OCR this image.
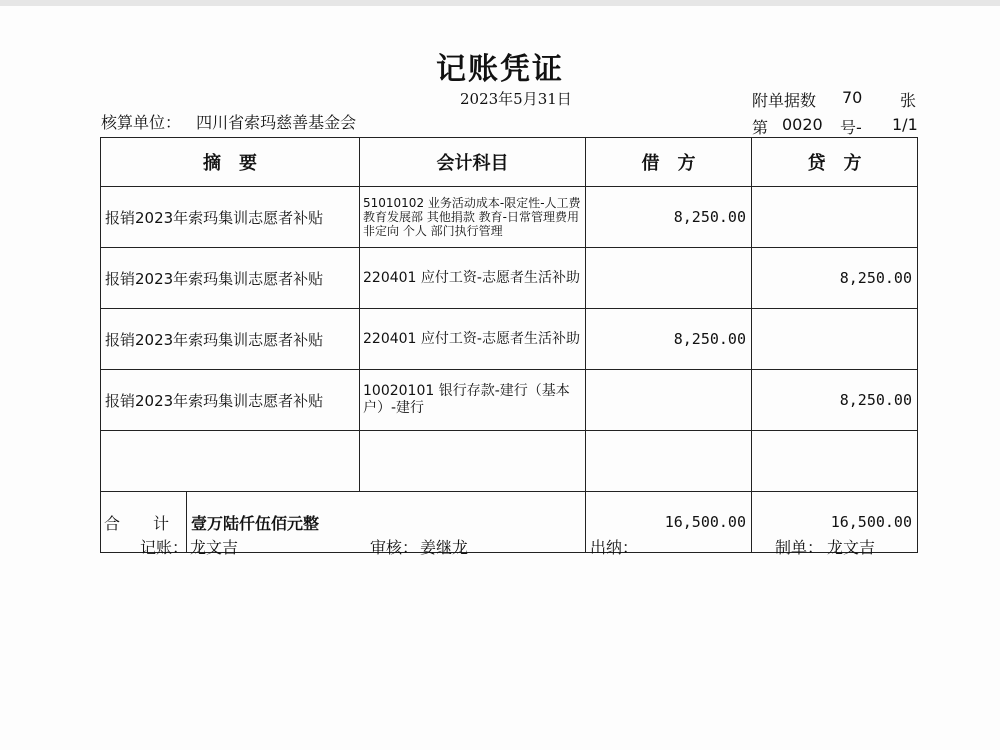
记账凭证
2023年5月31日	附单据数 70 张
核算单位： 四川省索玛慈善基金会	第 0020 号- 1/1
摘　要		会计科目	借　方	贷　方
报销2023年索玛集训志愿者补贴		51010102 业务活动成本-限定性-人工费 教育发展部 其他捐款 教育-日常管理费用 非定向 个人 部门执行管理	8,250.00	
报销2023年索玛集训志愿者补贴		220401 应付工资-志愿者生活补助		8,250.00
报销2023年索玛集训志愿者补贴		220401 应付工资-志愿者生活补助	8,250.00	
报销2023年索玛集训志愿者补贴		10020101 银行存款-建行（基本户）-建行		8,250.00

合 计	壹万陆仟伍佰元整		16,500.00	16,500.00
记账： 龙文吉	审核： 姜继龙	出纳：	制单： 龙文吉
